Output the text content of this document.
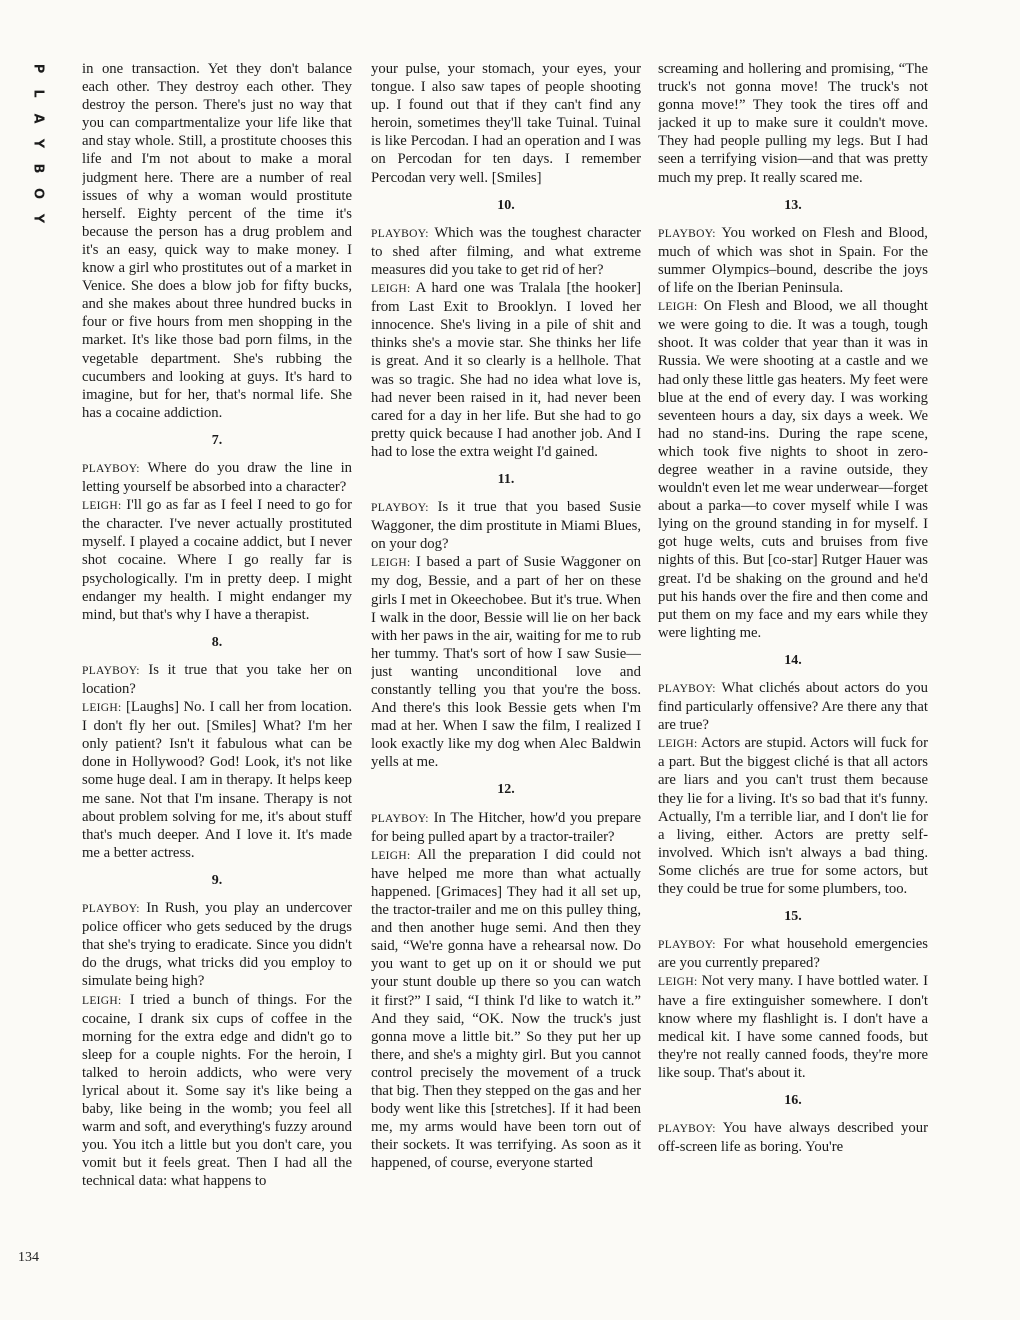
P
L
A
Y
B
O
Y

in one transaction. Yet they don't balance each other. They destroy each other. They destroy the person. There's just no way that you can compartmentalize your life like that and stay whole. Still, a prostitute chooses this life and I'm not about to make a moral judgment here. There are a number of real issues of why a woman would prostitute herself. Eighty percent of the time it's because the person has a drug problem and it's an easy, quick way to make money. I know a girl who prostitutes out of a market in Venice. She does a blow job for fifty bucks, and she makes about three hundred bucks in four or five hours from men shopping in the market. It's like those bad porn films, in the vegetable department. She's rubbing the cucumbers and looking at guys. It's hard to imagine, but for her, that's normal life. She has a cocaine addiction.

7.

PLAYBOY: Where do you draw the line in letting yourself be absorbed into a character?

LEIGH: I'll go as far as I feel I need to go for the character. I've never actually prostituted myself. I played a cocaine addict, but I never shot cocaine. Where I go really far is psychologically. I'm in pretty deep. I might endanger my health. I might endanger my mind, but that's why I have a therapist.

8.

PLAYBOY: Is it true that you take her on location?

LEIGH: [Laughs] No. I call her from location. I don't fly her out. [Smiles] What? I'm her only patient? Isn't it fabulous what can be done in Hollywood? God! Look, it's not like some huge deal. I am in therapy. It helps keep me sane. Not that I'm insane. Therapy is not about problem solving for me, it's about stuff that's much deeper. And I love it. It's made me a better actress.

9.

PLAYBOY: In Rush, you play an undercover police officer who gets seduced by the drugs that she's trying to eradicate. Since you didn't do the drugs, what tricks did you employ to simulate being high?

LEIGH: I tried a bunch of things. For the cocaine, I drank six cups of coffee in the morning for the extra edge and didn't go to sleep for a couple nights. For the heroin, I talked to heroin addicts, who were very lyrical about it. Some say it's like being a baby, like being in the womb; you feel all warm and soft, and everything's fuzzy around you. You itch a little but you don't care, you vomit but it feels great. Then I had all the technical data: what happens to

your pulse, your stomach, your eyes, your tongue. I also saw tapes of people shooting up. I found out that if they can't find any heroin, sometimes they'll take Tuinal. Tuinal is like Percodan. I had an operation and I was on Percodan for ten days. I remember Percodan very well. [Smiles]

10.

PLAYBOY: Which was the toughest character to shed after filming, and what extreme measures did you take to get rid of her?

LEIGH: A hard one was Tralala [the hooker] from Last Exit to Brooklyn. I loved her innocence. She's living in a pile of shit and thinks she's a movie star. She thinks her life is great. And it so clearly is a hellhole. That was so tragic. She had no idea what love is, had never been raised in it, had never been cared for a day in her life. But she had to go pretty quick because I had another job. And I had to lose the extra weight I'd gained.

11.

PLAYBOY: Is it true that you based Susie Waggoner, the dim prostitute in Miami Blues, on your dog?

LEIGH: I based a part of Susie Waggoner on my dog, Bessie, and a part of her on these girls I met in Okeechobee. But it's true. When I walk in the door, Bessie will lie on her back with her paws in the air, waiting for me to rub her tummy. That's sort of how I saw Susie—just wanting unconditional love and constantly telling you that you're the boss. And there's this look Bessie gets when I'm mad at her. When I saw the film, I realized I look exactly like my dog when Alec Baldwin yells at me.

12.

PLAYBOY: In The Hitcher, how'd you prepare for being pulled apart by a tractor-trailer?

LEIGH: All the preparation I did could not have helped me more than what actually happened. [Grimaces] They had it all set up, the tractor-trailer and me on this pulley thing, and then another huge semi. And then they said, “We're gonna have a rehearsal now. Do you want to get up on it or should we put your stunt double up there so you can watch it first?” I said, “I think I'd like to watch it.” And they said, “OK. Now the truck's just gonna move a little bit.” So they put her up there, and she's a mighty girl. But you cannot control precisely the movement of a truck that big. Then they stepped on the gas and her body went like this [stretches]. If it had been me, my arms would have been torn out of their sockets. It was terrifying. As soon as it happened, of course, everyone started

screaming and hollering and promising, “The truck's not gonna move! The truck's not gonna move!” They took the tires off and jacked it up to make sure it couldn't move. They had people pulling my legs. But I had seen a terrifying vision—and that was pretty much my prep. It really scared me.

13.

PLAYBOY: You worked on Flesh and Blood, much of which was shot in Spain. For the summer Olympics–bound, describe the joys of life on the Iberian Peninsula.

LEIGH: On Flesh and Blood, we all thought we were going to die. It was a tough, tough shoot. It was colder that year than it was in Russia. We were shooting at a castle and we had only these little gas heaters. My feet were blue at the end of every day. I was working seventeen hours a day, six days a week. We had no stand-ins. During the rape scene, which took five nights to shoot in zero-degree weather in a ravine outside, they wouldn't even let me wear underwear—forget about a parka—to cover myself while I was lying on the ground standing in for myself. I got huge welts, cuts and bruises from five nights of this. But [co-star] Rutger Hauer was great. I'd be shaking on the ground and he'd put his hands over the fire and then come and put them on my face and my ears while they were lighting me.

14.

PLAYBOY: What clichés about actors do you find particularly offensive? Are there any that are true?

LEIGH: Actors are stupid. Actors will fuck for a part. But the biggest cliché is that all actors are liars and you can't trust them because they lie for a living. It's so bad that it's funny. Actually, I'm a terrible liar, and I don't lie for a living, either. Actors are pretty self-involved. Which isn't always a bad thing. Some clichés are true for some actors, but they could be true for some plumbers, too.

15.

PLAYBOY: For what household emergencies are you currently prepared?

LEIGH: Not very many. I have bottled water. I have a fire extinguisher somewhere. I don't know where my flashlight is. I don't have a medical kit. I have some canned foods, but they're not really canned foods, they're more like soup. That's about it.

16.

PLAYBOY: You have always described your off-screen life as boring. You're

134
